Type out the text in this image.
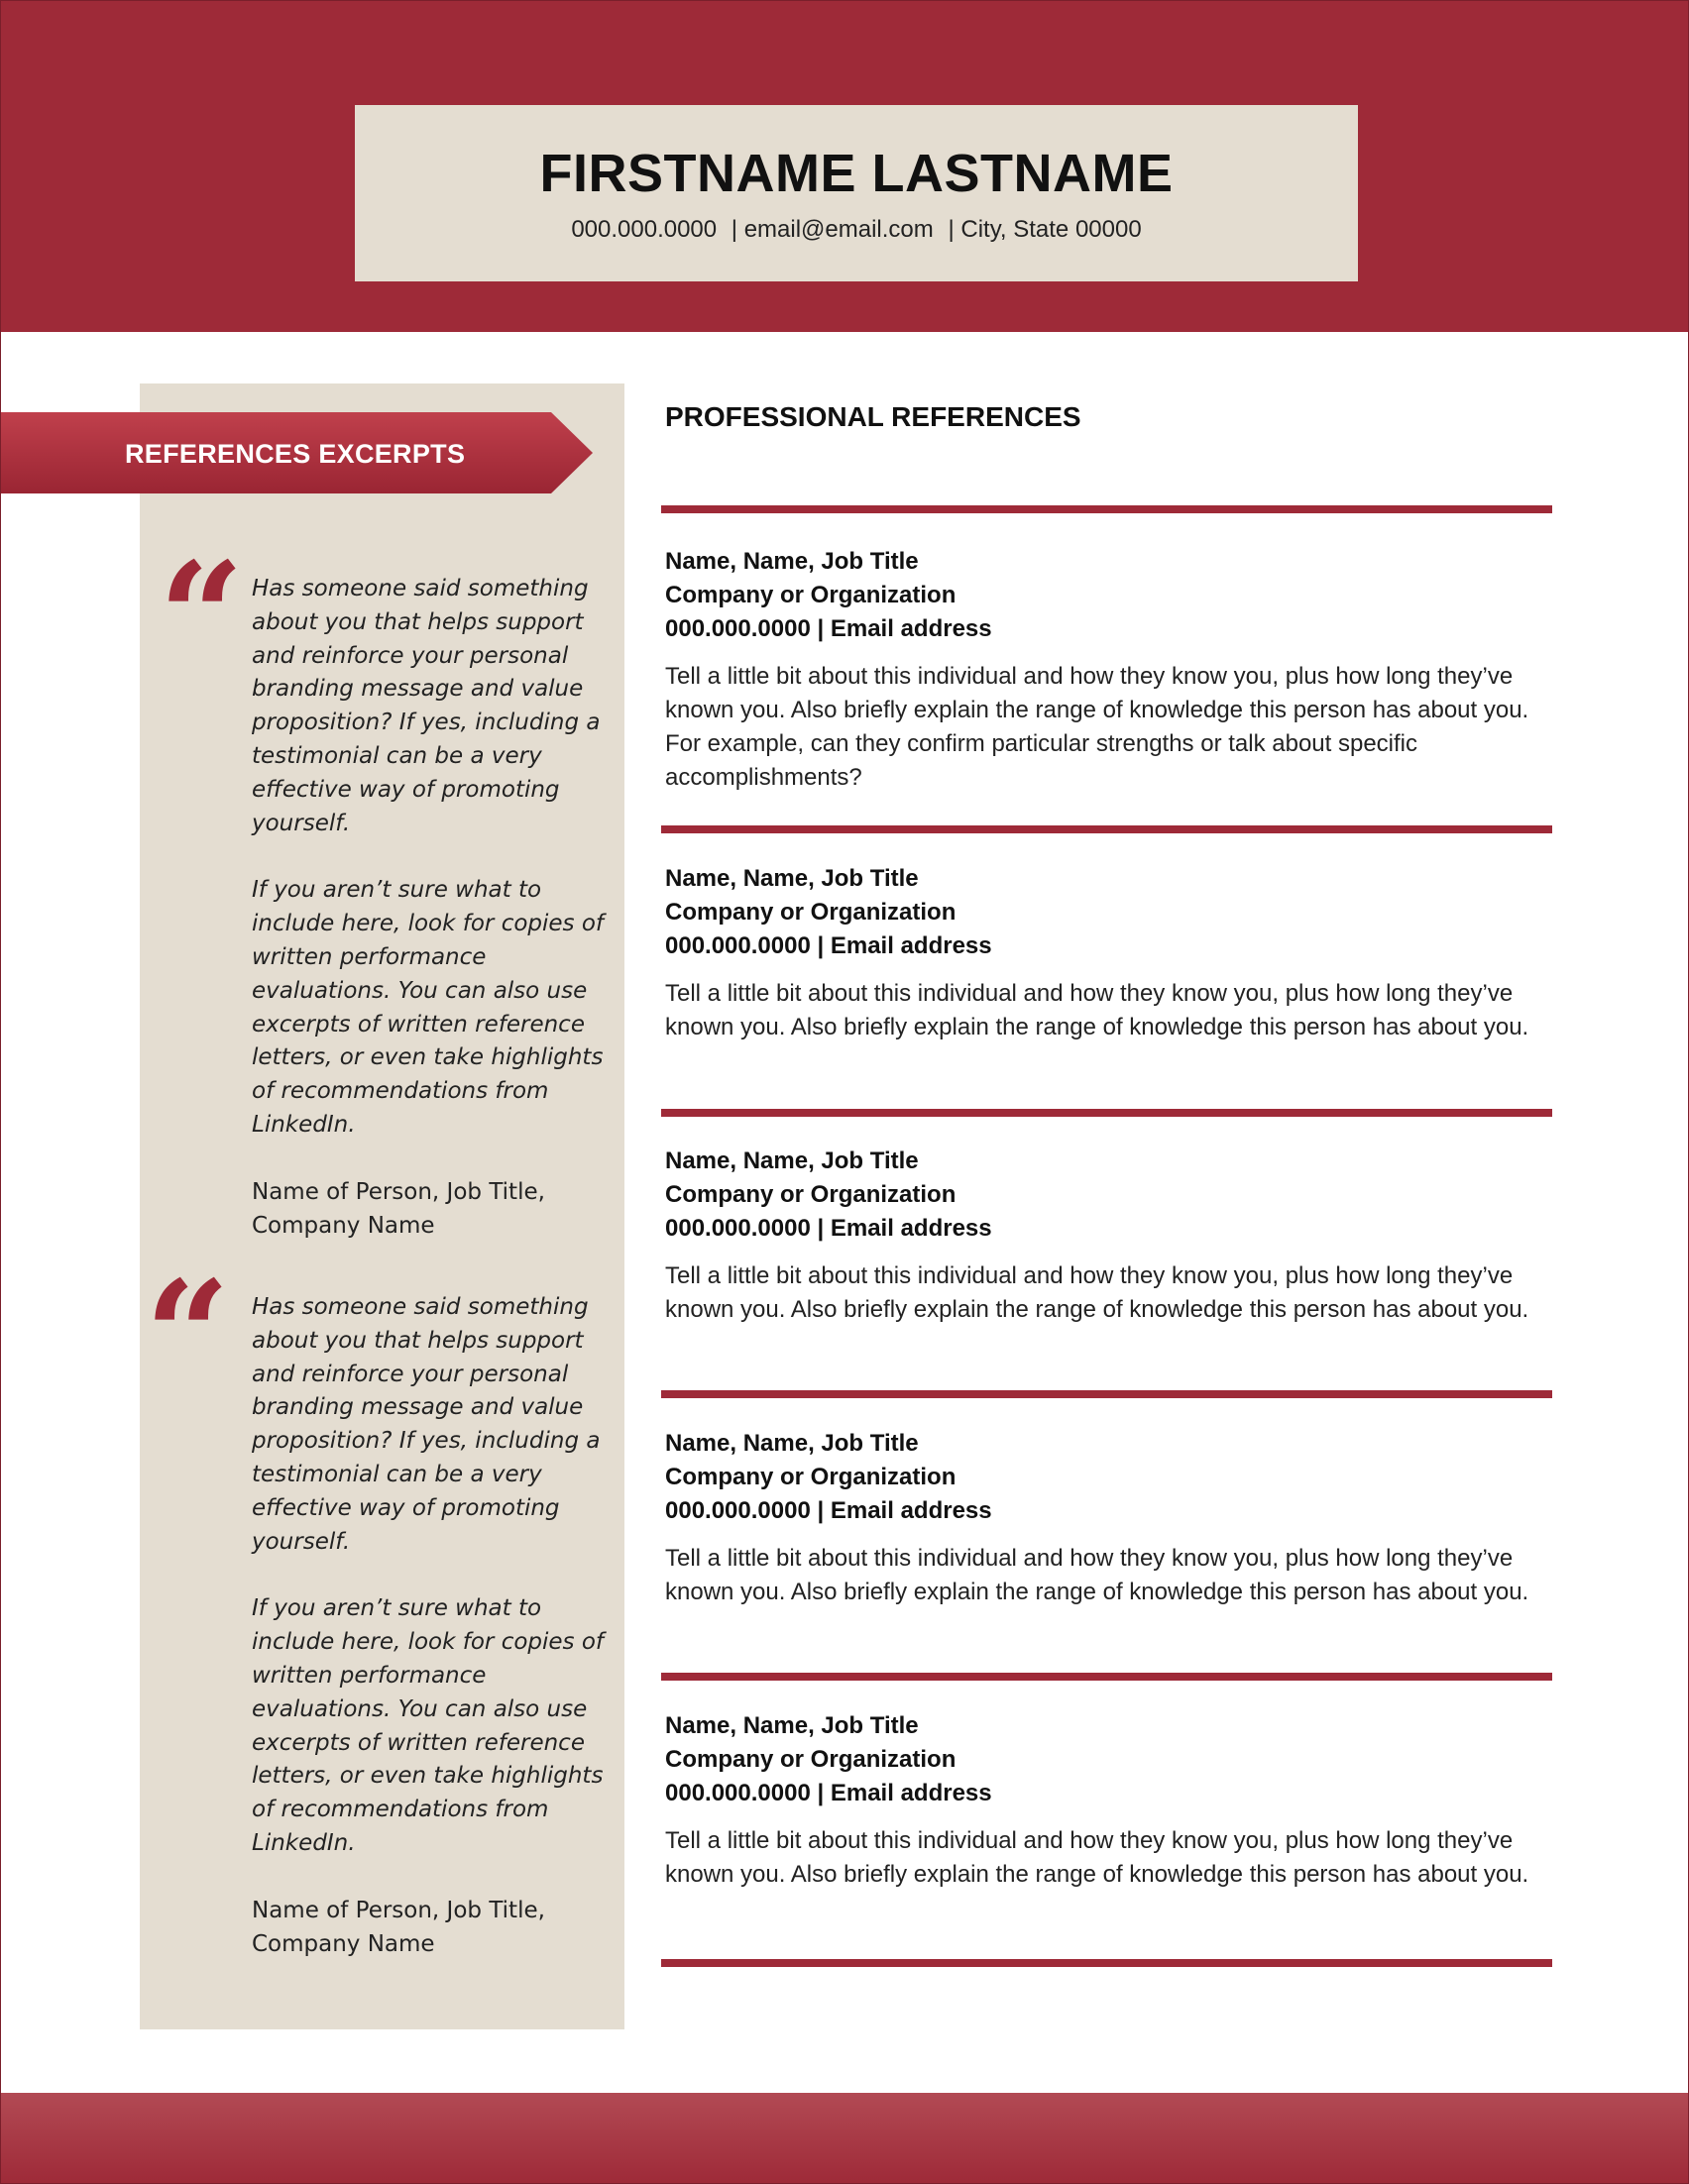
FIRSTNAME LASTNAME
000.000.0000 | email@email.com | City, State 00000
REFERENCES EXCERPTS
“ Has someone said something about you that helps support and reinforce your personal branding message and value proposition? If yes, including a testimonial can be a very effective way of promoting yourself.

If you aren’t sure what to include here, look for copies of written performance evaluations. You can also use excerpts of written reference letters, or even take highlights of recommendations from LinkedIn.

Name of Person, Job Title, Company Name

“ Has someone said something about you that helps support and reinforce your personal branding message and value proposition? If yes, including a testimonial can be a very effective way of promoting yourself.

If you aren’t sure what to include here, look for copies of written performance evaluations. You can also use excerpts of written reference letters, or even take highlights of recommendations from LinkedIn.

Name of Person, Job Title, Company Name

PROFESSIONAL REFERENCES
Name, Name, Job Title
Company or Organization
000.000.0000 | Email address
Tell a little bit about this individual and how they know you, plus how long they’ve known you. Also briefly explain the range of knowledge this person has about you. For example, can they confirm particular strengths or talk about specific accomplishments?
Name, Name, Job Title
Company or Organization
000.000.0000 | Email address
Tell a little bit about this individual and how they know you, plus how long they’ve known you. Also briefly explain the range of knowledge this person has about you.
Name, Name, Job Title
Company or Organization
000.000.0000 | Email address
Tell a little bit about this individual and how they know you, plus how long they’ve known you. Also briefly explain the range of knowledge this person has about you.
Name, Name, Job Title
Company or Organization
000.000.0000 | Email address
Tell a little bit about this individual and how they know you, plus how long they’ve known you. Also briefly explain the range of knowledge this person has about you.
Name, Name, Job Title
Company or Organization
000.000.0000 | Email address
Tell a little bit about this individual and how they know you, plus how long they’ve known you. Also briefly explain the range of knowledge this person has about you.
